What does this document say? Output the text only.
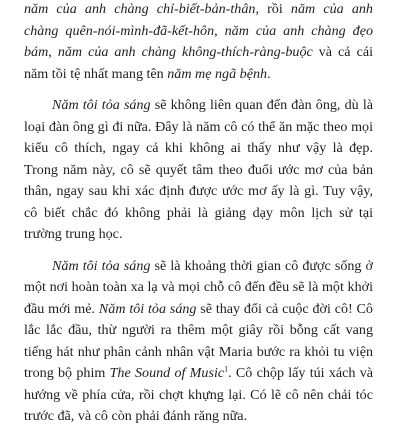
năm của anh chàng chỉ-biết-bản-thân, rồi năm của anh chàng quên-nói-mình-đã-kết-hôn, năm của anh chàng đẹo bám, năm của anh chàng không-thích-ràng-buộc và cả cái năm tồi tệ nhất mang tên năm mẹ ngã bệnh.

Năm tôi tỏa sáng sẽ không liên quan đến đàn ông, dù là loại đàn ông gì đi nữa. Đây là năm cô có thể ăn mặc theo mọi kiểu cô thích, ngay cả khi không ai thấy như vậy là đẹp. Trong năm này, cô sẽ quyết tâm theo đuổi ước mơ của bản thân, ngay sau khi xác định được ước mơ ấy là gì. Tuy vậy, cô biết chắc đó không phải là giảng dạy môn lịch sử tại trường trung học.

Năm tôi tỏa sáng sẽ là khoảng thời gian cô được sống ở một nơi hoàn toàn xa lạ và mọi chỗ cô đến đều sẽ là một khởi đầu mới mẻ. Năm tôi tỏa sáng sẽ thay đổi cả cuộc đời cô! Cô lắc lắc đầu, thừ người ra thêm một giây rồi bỗng cất vang tiếng hát như phân cảnh nhân vật Maria bước ra khỏi tu viện trong bộ phim The Sound of Music$^1$. Cô chộp lấy túi xách và hướng về phía cửa, rồi chợt khựng lại. Có lẽ cô nên chải tóc trước đã, và cô còn phải đánh răng nữa.
